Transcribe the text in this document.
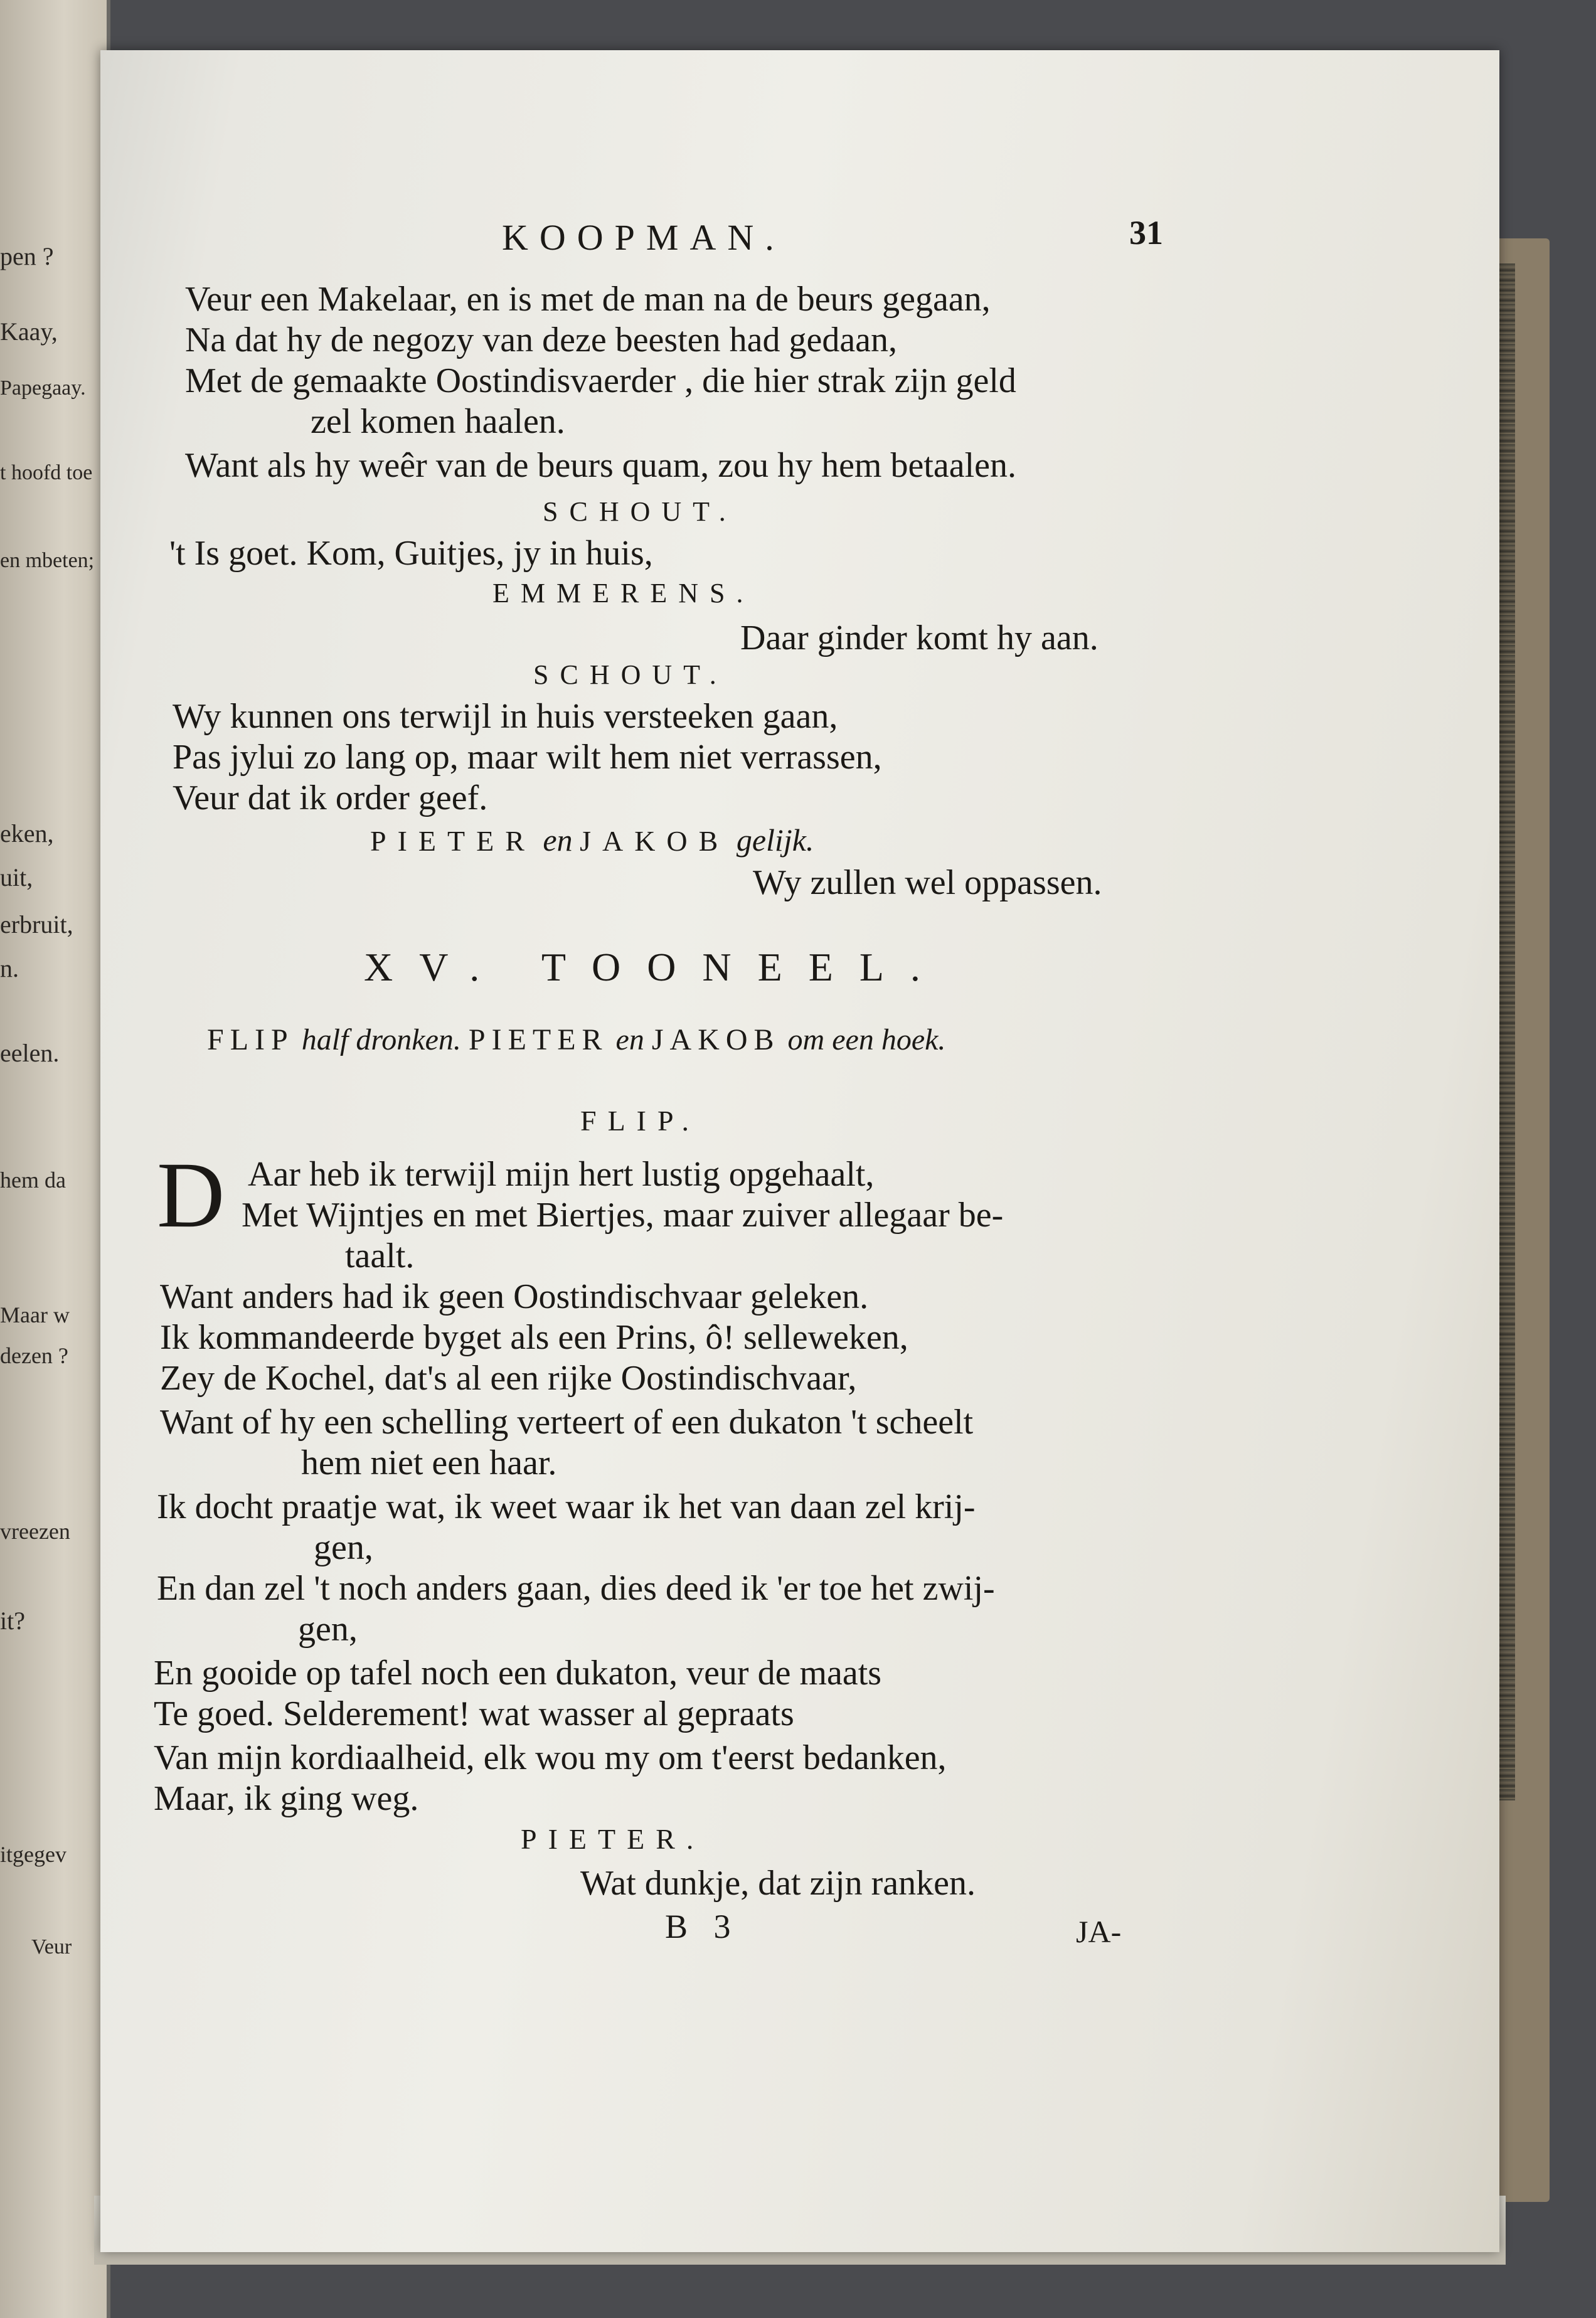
pen ?
Kaay,
Papegaay.
t hoofd toe
en mbeten;
eken,
uit,
erbruit,
n.
eelen.
hem da
Maar w
dezen ?
vreezen
it?
itgegev
Veur
KOOPMAN.	31
Veur een Makelaar, en is met de man na de beurs gegaan,
Na dat hy de negozy van deze beesten had gedaan,
Met de gemaakte Oostindisvaerder , die hier strak zijn geld
zel komen haalen.
Want als hy weêr van de beurs quam, zou hy hem betaalen.
SCHOUT.
't Is goet. Kom, Guitjes, jy in huis,
EMMERENS.
Daar ginder komt hy aan.
SCHOUT.
Wy kunnen ons terwijl in huis versteeken gaan,
Pas jylui zo lang op, maar wilt hem niet verrassen,
Veur dat ik order geef.
PIETER en JAKOB gelijk.
Wy zullen wel oppassen.
XV. TOONEEL.
FLIP half dronken. PIETER en JAKOB om een hoek.
FLIP.
D Aar heb ik terwijl mijn hert lustig opgehaalt,
Met Wijntjes en met Biertjes, maar zuiver allegaar be-
taalt.
Want anders had ik geen Oostindischvaar geleken.
Ik kommandeerde byget als een Prins, ô! selleweken,
Zey de Kochel, dat's al een rijke Oostindischvaar,
Want of hy een schelling verteert of een dukaton 't scheelt
hem niet een haar.
Ik docht praatje wat, ik weet waar ik het van daan zel krij-
gen,
En dan zel 't noch anders gaan, dies deed ik 'er toe het zwij-
gen,
En gooide op tafel noch een dukaton, veur de maats
Te goed. Selderement! wat wasser al gepraats
Van mijn kordiaalheid, elk wou my om t'eerst bedanken,
Maar, ik ging weg.
PIETER.
Wat dunkje, dat zijn ranken.
B 3	JA-
